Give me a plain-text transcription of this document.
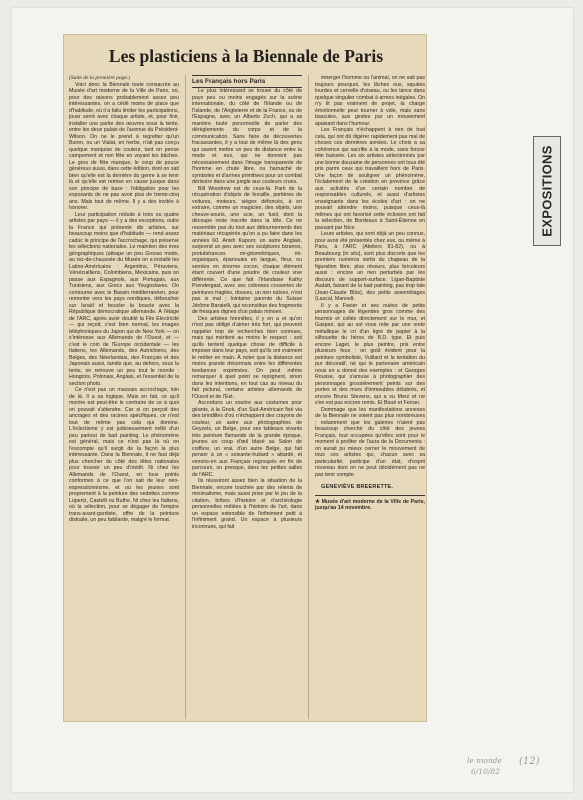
Les plasticiens à la Biennale de Paris

(Suite de la première page.)

Voici donc la Biennale toute consacrée au Musée d'art moderne de la Ville de Paris, où, pour des raisons probablement assez peu intéressantes, on a cédé moins de place que d'habitude, où il a fallu limiter les participations, jouer serré avec chaque artiste, et, pour finir, installer une partie des œuvres sous la tente, entre les deux palais de l'avenue du Président-Wilson. On ne le prend à regretter qu'un Buren, ou un Vialat, en herbe, n'ait pas conçu quelque marquise de couleur, tant on pense campement et non fête en voyant les bâches. Le gros de fête manque, le coup de pouce généreux aussi, dans cette édition, dont on sait bien qu'elle est la dernière du genre à se tenir là et qu'elle est remise en cause jusque dans son principe de base : l'obligation pour les exposants de ne pas avoir plus de trente-cinq ans. Mais tout de même. Il y a des invités à honorer.

Leur participation réduite à trois ou quatre artistes par pays — il y a des exceptions, outre la France qui présente dix artistes, sur beaucoup moins que d'habitude — rend assez caduc le principe de l'accrochage, qui préserve les sélections nationales. Le maintien des ères géographiques (attrape un peu Grosso modo, au rez-de-chaussée du Musée on a installé les Latino-Américains : Argentins, Péruviens, Vénézuéliens, Colombiens, Mexicains, puis on passe aux Espagnols, aux Portugais, aux Tunisiens, aux Grecs aux Yougoslaves. On contourne avec le Bassin méditerranéen, pour remonter vers les pays nordiques, déboucher sur Israël et boucler la boucle avec la République démocratique allemande. À l'étage de l'ARC, après avoir doublé la File Electricité — qui reçoit, c'est bien normal, les images téléphoniques du Japon qui de New York — on s'intéresse aux Allemands de l'Ouest, et — c'est le coin de l'Europe occidentale — les Italiens, les Allemands, des Autrichiens, des Belges, des Néerlandais, des Français et des Japonais aussi, tandis que, au dehors, sous la tente, on retrouve un peu tout le monde : Hongrois, Polonais, Anglais, et l'essentiel de la section photo.

Ce n'est pas un mauvais accrochage, loin de là. Il a sa logique. Mais en fait, ce qu'il montre est peut-être le contraire de ce à quoi on pouvait s'attendre. Car si on perçoit des ancrages et des racines spécifiques, ce n'est tout de même pas cela qui domine. L'éclectisme y est judicieusement mêlé d'un peu partout de bad painting. Le phénomène est général, mais ce n'est pas là où on l'escompte qu'il surgit de la façon la plus intéressante. Dans la Biennale, il ne faut déjà plus chercher du côté des têtes nationales pour trouver un peu d'inédit. Ni chez les Allemands de l'Ouest, en tous points conformes à ce que l'on sait de leur néo-expressionnisme, et où les jeunes sont proprement à la peinture des vedettes comme Lüpertz, Castelli ou Buthe. Ni chez les Italiens, où la sélection, pour se dégager de l'empire trans-avant-gardiste, offre de la peinture distraite, un peu faiblarde, malgré le format.

Les Français hors Paris

Le plus intéressant se trouve du côté de pays peu ou moins engagés sur la scène internationale, du côté de l'Irlande ou de l'Islande, de l'Angleterre et de la France, ou de l'Espagne, avec un Alberto Zuch, qui a sa manière toute personnelle de parler des dérèglements du corps et de la communication. Sans faire de découvertes fracassantes, il y a tout de même là des gens qui savent mettre un peu de distance entre la mode et eux, qui ne donnent pas nécessairement dans l'image transparente de l'homme en chute libre, ou harnaché de symboles et d'armes primitives pour un combat dérisoire dans une jungle aux couleurs crues.

Bill Woodrow est de ceux-là. Parti de la récupération d'objets de ferraille, portières de voitures, moteurs, sièges défoncés, à en extraire, comme un magicien, des objets, une cheuve-souris, une scie, un fusil, dont la découpe reste inscrite dans la tôle. Ce ne ressemble pas du tout aux détournements des matériaux récupérés qu'on a pu faire dans les années 60. Anish Kapoor, un autre Anglais, surprend un peu avec ses sculptures bizarres, protubérances mi-géométriques, mi-organiques, épanouies en langue, fleur, ou serrées en énorme cocon, chaque élément étant couvert d'une poudre de couleur vive différente. Ce que fait l'Irlandaise Kathy Prendergast, avec ses colonnes couvertes de peintures fragiles, douces, un rien naïves, n'est pas si mal ; lointaine parente du Suisse Jérôme Baratelli, qui reconstitue des fragments de fresques dignes d'un palais minoen.

Des artistes honnêtes, il y en a et qu'on n'est pas obligé d'aimer très fort, qui peuvent rappeler trop de recherches bien connues, mais qui méritent au moins le respect : soit qu'ils tentent quelque chose de difficile à imposer dans leur pays, soit qu'ils ont vraiment le métier en main. À noter que la distance est moins grande désormais entre les différentes tendances exprimées. On peut même remarquer à quel point se rejoignent, sinon dans les intentions, en tout cas au niveau du fait pictural, certains artistes allemands de l'Ouest et de l'Est.

Accordons un sourire aux costumes pour géants, à la Gnok, d'un Sud-Américain fixé via des brindilles d'où n'échappent des crayons de couleur, un autre aux photographies de Geyzels, un Belge, pour ses tableaux vivants très peinture flamande de la grande époque, jeunes un coup d'œil blasé au Salon de coiffure, un vrai, d'un autre Belge, qui fait penser à un « soixante-huitard » attardé, et venons-en aux Français regroupés en fin de parcours, ou presque, dans les petites salles de l'ARC.

Ils réussiront assez bien la situation de la Biennale, encore touchée par des relents de minimalisme, mais aussi prise par le jeu de la citation, bribes d'histoire et d'archéologie personnelles mêlées à l'histoire de l'art, dans un espace extensible de l'infiniment petit à l'infiniment grand. Un espace à plusieurs inconnues, qui fait

émerger l'homme ou l'animal, on ne sait pas toujours pourquoi, les lâches eux, squales lourdes et cervelle d'oiseau, ou les lance dans quelque singulier combat à armes inégales. On n'y lit pas vraiment de projet, la charge émotionnelle peut tourner à vide, mais sans bascules, aux gestes par un mouvement apaisant dans l'humour.

Les Français n'échappent à rien de tout cela, qui ont dû digérer rapidement pas mal de choses ces dernières années. Le choix a sa cohérence qui sacrifie à la mode, sans foncer tête baissée. Les six artistes sélectionnés par une bonne douzaine de personnes ont tous été pris parmi ceux qui travaillent hors de Paris. Une façon de souligner un phénomène, l'éclatement de la création en province grâce aux activités d'un certain nombre de responsables culturels, et aussi d'artistes enseignants dans les écoles d'art : on ne pouvait attendre moins, puisque ceux-là mêmes qui ont favorisé cette éclosion ont fait la sélection, de Bordeaux à Saint-Étienne en passant par Nice.

Leurs artistes, qui sont déjà un peu connus, pour avoir été présentés chez eux, ou même à Paris, à l'ARC (Ateliers 81-82), ou à Beaubourg (in situ), sont plus discrets que les premiers numéros sortis du chapeau de la figuration libre, plus réveurs, plus bricoleurs aussi : encore un rien perturbés par les discours de support-surface. Ligan-Baptiste Audatt, faisant de la bad painting, pas trop tale (Jean-Claude Blüs), des petits assemblages (Lascal, Manoelt.

Il y a Favier et ses nuées de petits personnages de légendes gros comme des fourmis et collés directement sur le mur, et Gaspari, qui au sol vous relie par une onde métallique le cri d'un tigre de papier à la silhouette du héros de B.D. type. Et puis encore Laget, le plus peintre, pris entre plusieurs feux : on goût évident pour la peinture symboliste, Vuillard et la tentation du pur décoratif, né qui le partenaire américain nous en a donné des exemples : et Georges Rousse, qui s'amuse à photographier des personnages grossièrement peints sur des portes et des murs d'immeubles délabrés, et encore Bruno Stevens, qui a vu Merz et ne s'en est pas encore remis. Et Boué et Ferran.

Dommage que les manifestations annexes de la Biennale ne soient pas plus nombreuses ; notamment que les galeries n'aient pas beaucoup cherché du côté des jeunes Français, tout occupées qu'elles sont pour le moment à profiter de l'aura de la Documenta : on aurait pu mieux cerner le mouvement de tous ces artistes qui, chacun avec sa particularité, participe d'un état, d'esprit nouveau dont on ne peut décidément pas ne pas tenir compte.

GENEVIÈVE BREERETTE.

★ Musée d'art moderne de la Ville de Paris, jusqu'au 14 novembre.

EXPOSITIONS
le monde
6/10/82
(12)
